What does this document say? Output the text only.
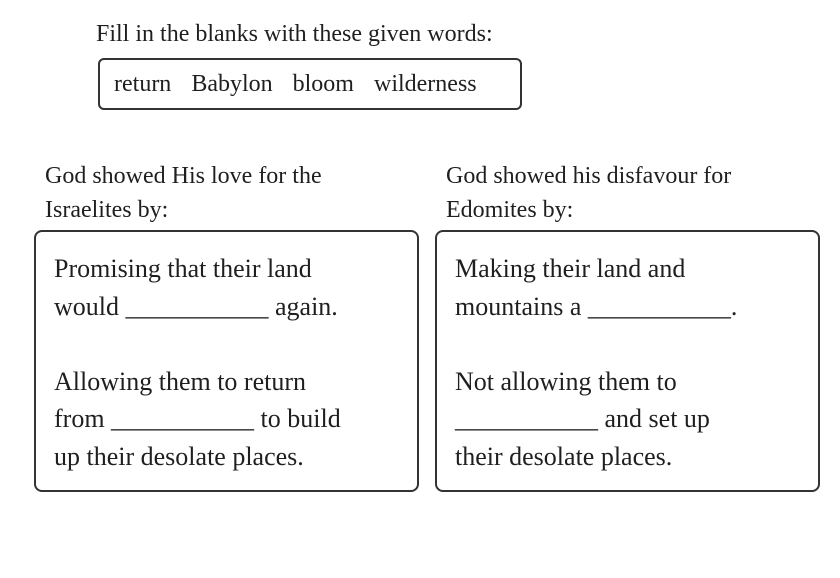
Fill in the blanks with these given words:
return Babylon bloom wilderness
God showed His love for the
Israelites by:
God showed his disfavour for
Edomites by:

Promising that their land
would ___________ again.

Allowing them to return
from ___________ to build
up their desolate places.

Making their land and
mountains a ___________.

Not allowing them to
___________ and set up
their desolate places.
